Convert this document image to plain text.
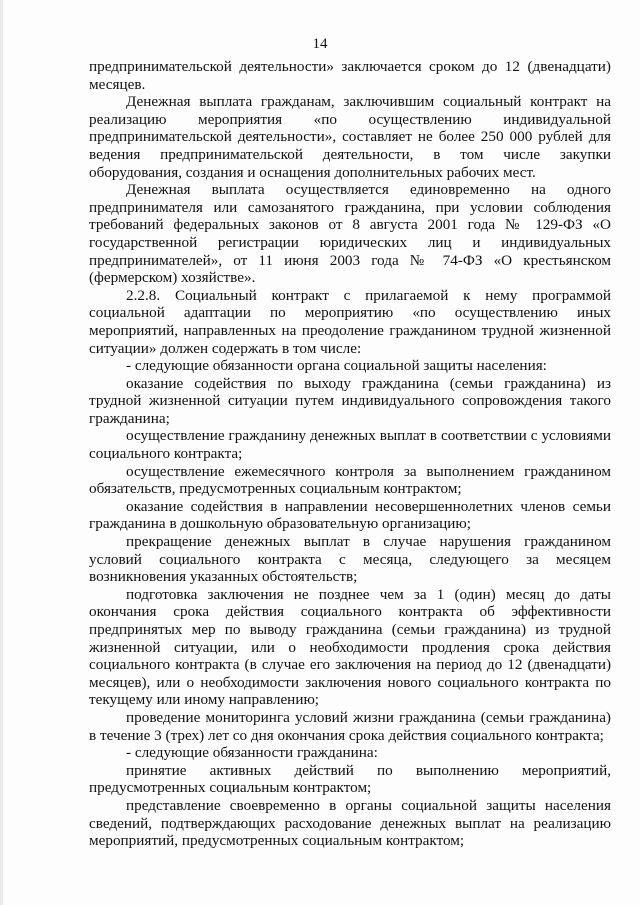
14

предпринимательской деятельности» заключается сроком до 12 (двенадцати) месяцев.

Денежная выплата гражданам, заключившим социальный контракт на реализацию мероприятия «по осуществлению индивидуальной предпринимательской деятельности», составляет не более 250 000 рублей для ведения предпринимательской деятельности, в том числе закупки оборудования, создания и оснащения дополнительных рабочих мест.

Денежная выплата осуществляется единовременно на одного предпринимателя или самозанятого гражданина, при условии соблюдения требований федеральных законов от 8 августа 2001 года № 129-ФЗ «О государственной регистрации юридических лиц и индивидуальных предпринимателей», от 11 июня 2003 года № 74-ФЗ «О крестьянском (фермерском) хозяйстве».

2.2.8. Социальный контракт с прилагаемой к нему программой социальной адаптации по мероприятию «по осуществлению иных мероприятий, направленных на преодоление гражданином трудной жизненной ситуации» должен содержать в том числе:

- следующие обязанности органа социальной защиты населения:

оказание содействия по выходу гражданина (семьи гражданина) из трудной жизненной ситуации путем индивидуального сопровождения такого гражданина;

осуществление гражданину денежных выплат в соответствии с условиями социального контракта;

осуществление ежемесячного контроля за выполнением гражданином обязательств, предусмотренных социальным контрактом;

оказание содействия в направлении несовершеннолетних членов семьи гражданина в дошкольную образовательную организацию;

прекращение денежных выплат в случае нарушения гражданином условий социального контракта с месяца, следующего за месяцем возникновения указанных обстоятельств;

подготовка заключения не позднее чем за 1 (один) месяц до даты окончания срока действия социального контракта об эффективности предпринятых мер по выводу гражданина (семьи гражданина) из трудной жизненной ситуации, или о необходимости продления срока действия социального контракта (в случае его заключения на период до 12 (двенадцати) месяцев), или о необходимости заключения нового социального контракта по текущему или иному направлению;

проведение мониторинга условий жизни гражданина (семьи гражданина) в течение 3 (трех) лет со дня окончания срока действия социального контракта;

- следующие обязанности гражданина:

принятие активных действий по выполнению мероприятий, предусмотренных социальным контрактом;

представление своевременно в органы социальной защиты населения сведений, подтверждающих расходование денежных выплат на реализацию мероприятий, предусмотренных социальным контрактом;
